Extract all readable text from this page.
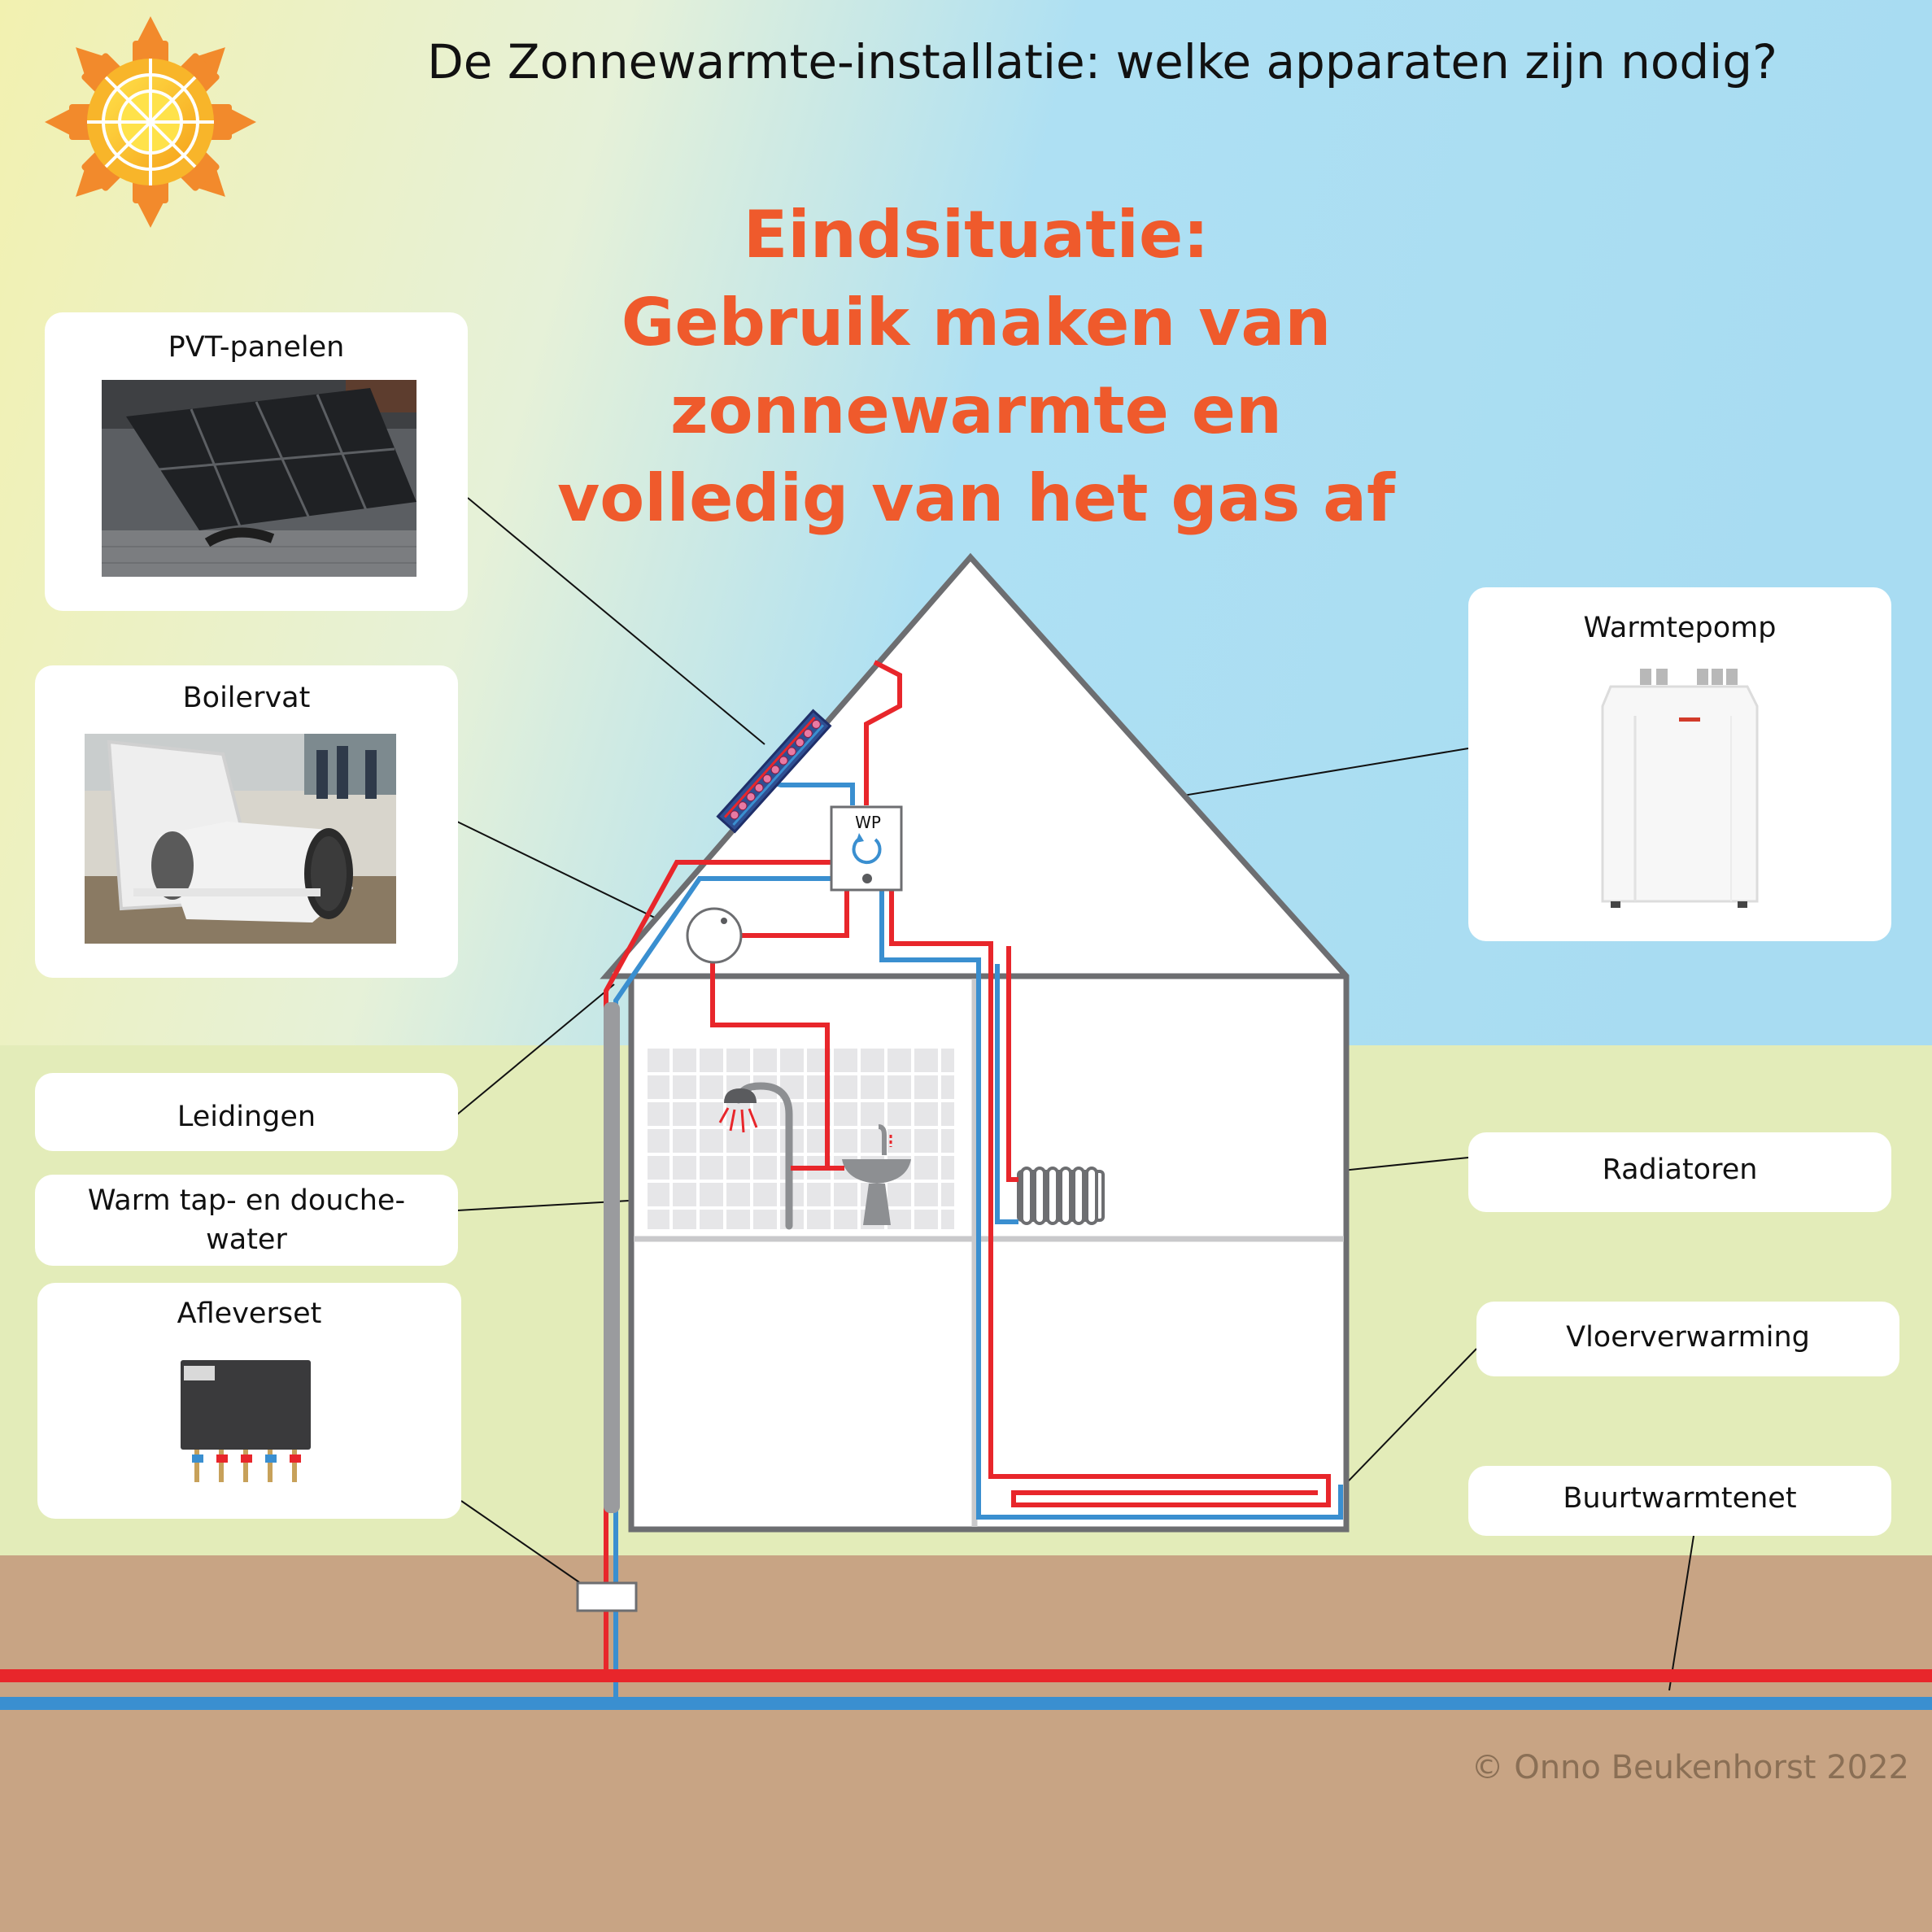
WP
PVT-panelen
Boilervat
Leidingen
Warm tap- en douche-
water
Afleverset
Warmtepomp
Radiatoren
Vloerverwarming
Buurtwarmtenet
De Zonnewarmte-installatie: welke apparaten zijn nodig?
Eindsituatie:
Gebruik maken van
zonnewarmte en
volledig van het gas af
© Onno Beukenhorst 2022
